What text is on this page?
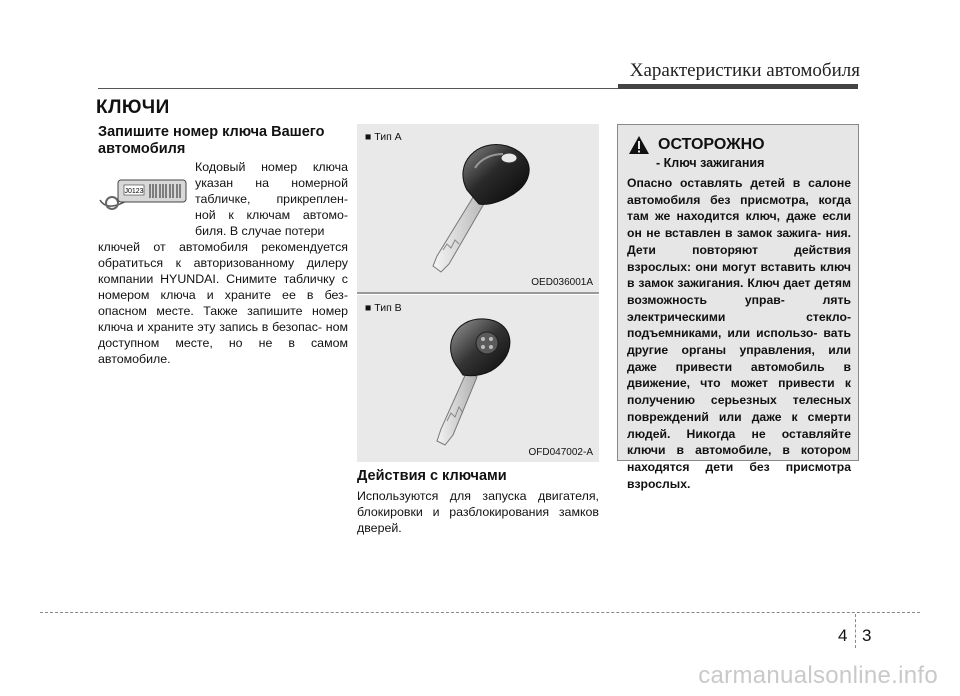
Характеристики автомобиля
КЛЮЧИ
Запишите номер ключа Вашего автомобиля
J0123
Кодовый номер ключа указан на номерной табличке, прикреплен- ной к ключам автомо- биля. В случае потери
ключей от автомобиля рекомендуется обратиться к авторизованному дилеру компании HYUNDAI. Снимите табличку с номером ключа и храните ее в без- опасном месте. Также запишите номер ключа и храните эту запись в безопас- ном доступном месте, но не в самом автомобиле.
■ Тип A
OED036001A
■ Тип B
OFD047002-A
Действия с ключами
Используются для запуска двигателя, блокировки и разблокирования замков дверей.
ОСТОРОЖНО
- Ключ зажигания
Опасно оставлять детей в салоне автомобиля без присмотра, когда там же находится ключ, даже если он не вставлен в замок зажига- ния. Дети повторяют действия взрослых: они могут вставить ключ в замок зажигания. Ключ дает детям возможность управ- лять электрическими стекло- подъемниками, или использо- вать другие органы управления, или даже привести автомобиль в движение, что может привести к получению серьезных телесных повреждений или даже к смерти людей. Никогда не оставляйте ключи в автомобиле, в котором находятся дети без присмотра взрослых.
4 3
carmanualsonline.info
